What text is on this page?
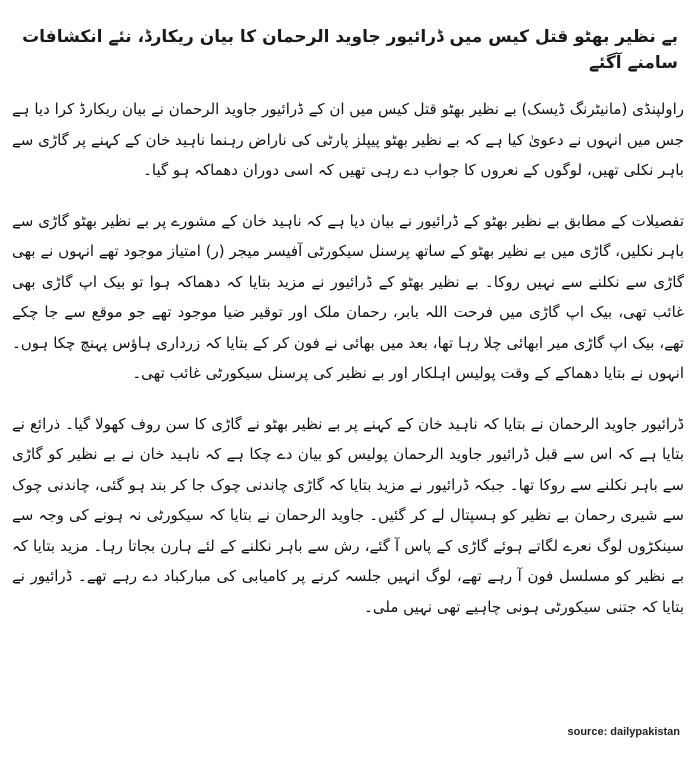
بے نظیر بھٹو قتل کیس میں ڈرائیور جاوید الرحمان کا بیان ریکارڈ، نئے انکشافات سامنے آگئے

راولپنڈی (مانیٹرنگ ڈیسک) بے نظیر بھٹو قتل کیس میں ان کے ڈرائیور جاوید الرحمان نے بیان ریکارڈ کرا دیا ہے جس میں انہوں نے دعویٰ کیا ہے کہ بے نظیر بھٹو پیپلز پارٹی کی ناراض رہنما ناہید خان کے کہنے پر گاڑی سے باہر نکلی تھیں، لوگوں کے نعروں کا جواب دے رہی تھیں کہ اسی دوران دھماکہ ہو گیا۔

تفصیلات کے مطابق بے نظیر بھٹو کے ڈرائیور نے بیان دیا ہے کہ ناہید خان کے مشورے پر بے نظیر بھٹو گاڑی سے باہر نکلیں، گاڑی میں بے نظیر بھٹو کے ساتھ پرسنل سیکورٹی آفیسر میجر (ر) امتیاز موجود تھے انہوں نے بھی گاڑی سے نکلنے سے نہیں روکا۔ بے نظیر بھٹو کے ڈرائیور نے مزید بتایا کہ دھماکہ ہوا تو بیک اپ گاڑی بھی غائب تھی، بیک اپ گاڑی میں فرحت اللہ بابر، رحمان ملک اور توقیر ضیا موجود تھے جو موقع سے جا چکے تھے، بیک اپ گاڑی میر ابھائی چلا رہا تھا، بعد میں بھائی نے فون کر کے بتایا کہ زرداری ہاؤس پہنچ چکا ہوں۔ انہوں نے بتایا دھماکے کے وقت پولیس اہلکار اور بے نظیر کی پرسنل سیکورٹی غائب تھی۔

ڈرائیور جاوید الرحمان نے بتایا کہ ناہید خان کے کہنے پر بے نظیر بھٹو نے گاڑی کا سن روف کھولا گیا۔ ذرائع نے بتایا ہے کہ اس سے قبل ڈرائیور جاوید الرحمان پولیس کو بیان دے چکا ہے کہ ناہید خان نے بے نظیر کو گاڑی سے باہر نکلنے سے روکا تھا۔ جبکہ ڈرائیور نے مزید بتایا کہ گاڑی چاندنی چوک جا کر بند ہو گئی، چاندنی چوک سے شیری رحمان بے نظیر کو ہسپتال لے کر گئیں۔ جاوید الرحمان نے بتایا کہ سیکورٹی نہ ہونے کی وجہ سے سینکڑوں لوگ نعرے لگاتے ہوئے گاڑی کے پاس آ گئے، رش سے باہر نکلنے کے لئے ہارن بجاتا رہا۔ مزید بتایا کہ بے نظیر کو مسلسل فون آ رہے تھے، لوگ انہیں جلسہ کرنے پر کامیابی کی مبارکباد دے رہے تھے۔ ڈرائیور نے بتایا کہ جتنی سیکورٹی ہونی چاہیے تھی نہیں ملی۔

source: dailypakistan
